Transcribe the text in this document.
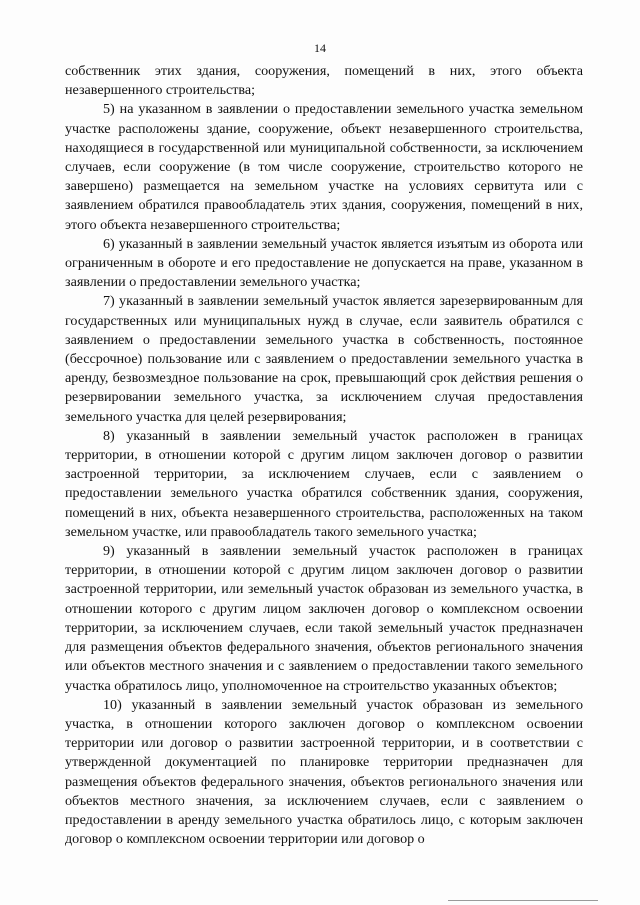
14

собственник этих здания, сооружения, помещений в них, этого объекта незавершенного строительства;

5) на указанном в заявлении о предоставлении земельного участка земельном участке расположены здание, сооружение, объект незавершенного строительства, находящиеся в государственной или муниципальной собственности, за исключением случаев, если сооружение (в том числе сооружение, строительство которого не завершено) размещается на земельном участке на условиях сервитута или с заявлением обратился правообладатель этих здания, сооружения, помещений в них, этого объекта незавершенного строительства;

6) указанный в заявлении земельный участок является изъятым из оборота или ограниченным в обороте и его предоставление не допускается на праве, указанном в заявлении о предоставлении земельного участка;

7) указанный в заявлении земельный участок является зарезервированным для государственных или муниципальных нужд в случае, если заявитель обратился с заявлением о предоставлении земельного участка в собственность, постоянное (бессрочное) пользование или с заявлением о предоставлении земельного участка в аренду, безвозмездное пользование на срок, превышающий срок действия решения о резервировании земельного участка, за исключением случая предоставления земельного участка для целей резервирования;

8) указанный в заявлении земельный участок расположен в границах территории, в отношении которой с другим лицом заключен договор о развитии застроенной территории, за исключением случаев, если с заявлением о предоставлении земельного участка обратился собственник здания, сооружения, помещений в них, объекта незавершенного строительства, расположенных на таком земельном участке, или правообладатель такого земельного участка;

9) указанный в заявлении земельный участок расположен в границах территории, в отношении которой с другим лицом заключен договор о развитии застроенной территории, или земельный участок образован из земельного участка, в отношении которого с другим лицом заключен договор о комплексном освоении территории, за исключением случаев, если такой земельный участок предназначен для размещения объектов федерального значения, объектов регионального значения или объектов местного значения и с заявлением о предоставлении такого земельного участка обратилось лицо, уполномоченное на строительство указанных объектов;

10) указанный в заявлении земельный участок образован из земельного участка, в отношении которого заключен договор о комплексном освоении территории или договор о развитии застроенной территории, и в соответствии с утвержденной документацией по планировке территории предназначен для размещения объектов федерального значения, объектов регионального значения или объектов местного значения, за исключением случаев, если с заявлением о предоставлении в аренду земельного участка обратилось лицо, с которым заключен договор о комплексном освоении территории или договор о
